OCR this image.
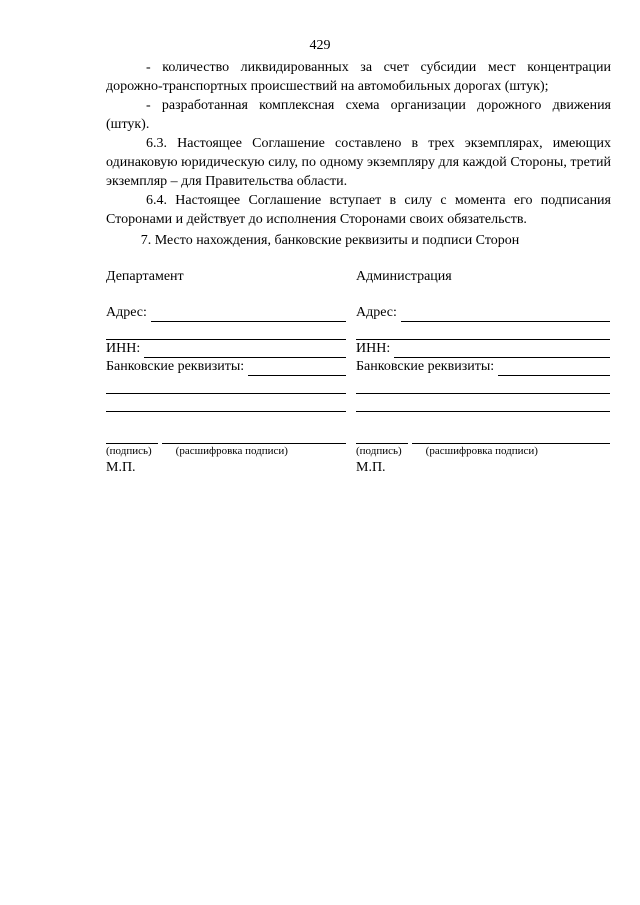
429

- количество ликвидированных за счет субсидии мест концентрации дорожно-транспортных происшествий на автомобильных дорогах (штук);

- разработанная комплексная схема организации дорожного движения (штук).

6.3. Настоящее Соглашение составлено в трех экземплярах, имеющих одинаковую юридическую силу, по одному экземпляру для каждой Стороны, третий экземпляр – для Правительства области.

6.4. Настоящее Соглашение вступает в силу с момента его подписания Сторонами и действует до исполнения Сторонами своих обязательств.

7. Место нахождения, банковские реквизиты и подписи Сторон
Департамент
Адрес:
ИНН:
Банковские реквизиты:
(подпись) (расшифровка подписи)
М.П.
Администрация
Адрес:
ИНН:
Банковские реквизиты:
(подпись) (расшифровка подписи)
М.П.
